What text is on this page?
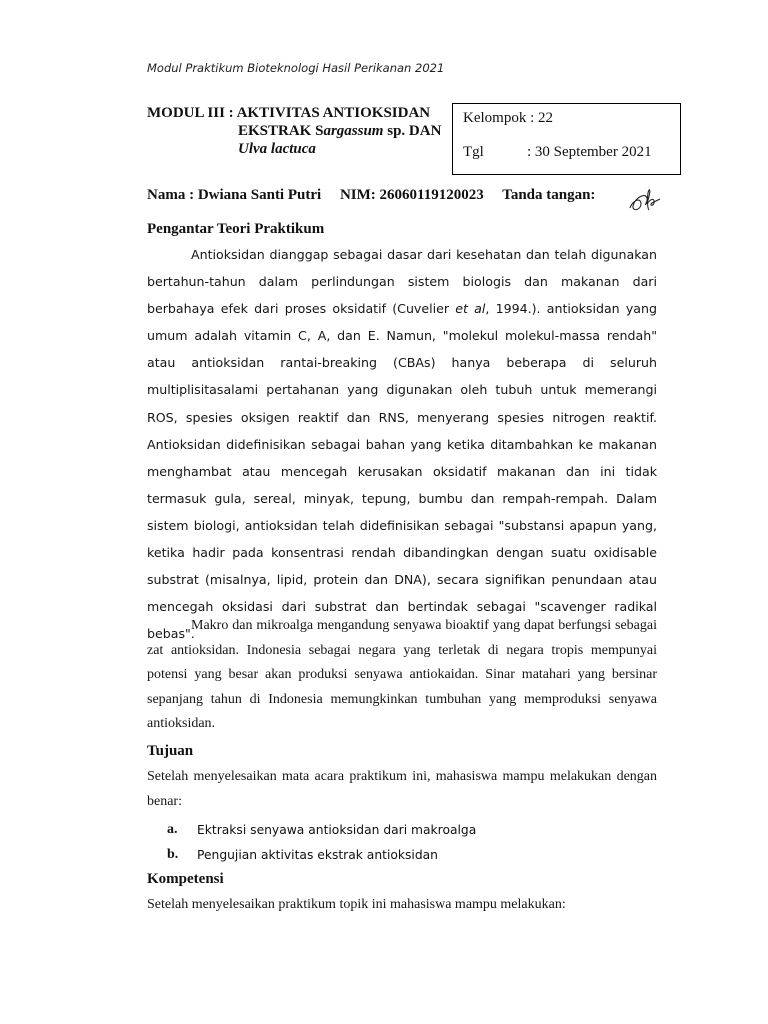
Modul Praktikum Bioteknologi Hasil Perikanan 2021
MODUL III : AKTIVITAS ANTIOKSIDAN
EKSTRAK Sargassum sp. DAN
Ulva lactuca
Kelompok : 22
Tgl	: 30 September 2021
Nama : Dwiana Santi Putri NIM: 26060119120023 Tanda tangan:
Pengantar Teori Praktikum
Antioksidan dianggap sebagai dasar dari kesehatan dan telah digunakan bertahun-tahun dalam perlindungan sistem biologis dan makanan dari berbahaya efek dari proses oksidatif (Cuvelier et al, 1994.). antioksidan yang umum adalah vitamin C, A, dan E. Namun, "molekul molekul-massa rendah" atau antioksidan rantai-breaking (CBAs) hanya beberapa di seluruh multiplisitasalami pertahanan yang digunakan oleh tubuh untuk memerangi ROS, spesies oksigen reaktif dan RNS, menyerang spesies nitrogen reaktif. Antioksidan didefinisikan sebagai bahan yang ketika ditambahkan ke makanan menghambat atau mencegah kerusakan oksidatif makanan dan ini tidak termasuk gula, sereal, minyak, tepung, bumbu dan rempah-rempah. Dalam sistem biologi, antioksidan telah didefinisikan sebagai "substansi apapun yang, ketika hadir pada konsentrasi rendah dibandingkan dengan suatu oxidisable substrat (misalnya, lipid, protein dan DNA), secara signifikan penundaan atau mencegah oksidasi dari substrat dan bertindak sebagai "scavenger radikal bebas".
Makro dan mikroalga mengandung senyawa bioaktif yang dapat berfungsi sebagai zat antioksidan. Indonesia sebagai negara yang terletak di negara tropis mempunyai potensi yang besar akan produksi senyawa antiokaidan. Sinar matahari yang bersinar sepanjang tahun di Indonesia memungkinkan tumbuhan yang memproduksi senyawa antioksidan.
Tujuan
Setelah menyelesaikan mata acara praktikum ini, mahasiswa mampu melakukan dengan benar:
a.	Ektraksi senyawa antioksidan dari makroalga
b.	Pengujian aktivitas ekstrak antioksidan
Kompetensi
Setelah menyelesaikan praktikum topik ini mahasiswa mampu melakukan:
